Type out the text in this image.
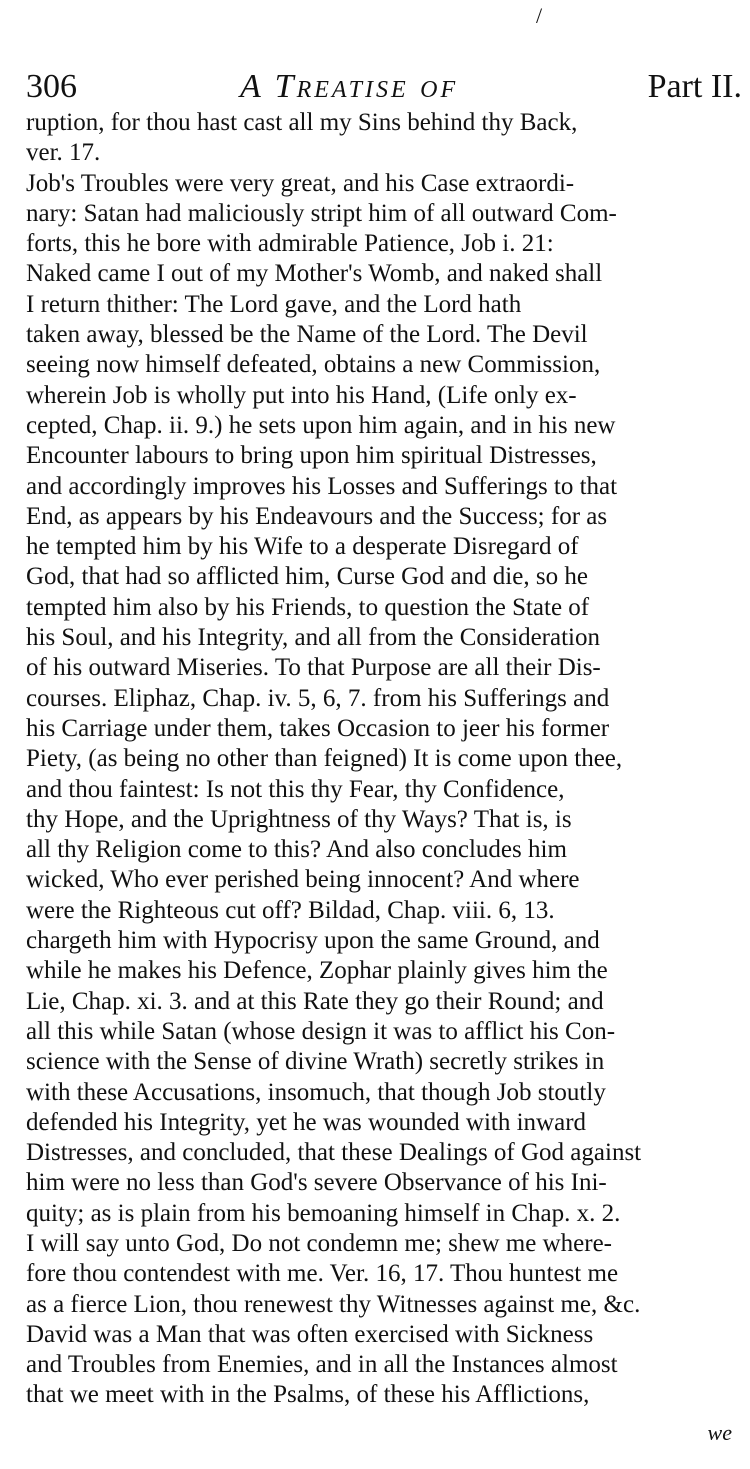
/
306	A Treatise of	Part II.
ruption, for thou hast cast all my Sins behind thy Back,
ver. 17.
Job's Troubles were very great, and his Case extraordi-
nary: Satan had maliciously stript him of all outward Com-
forts, this he bore with admirable Patience, Job i. 21:
Naked came I out of my Mother's Womb, and naked shall
I return thither: The Lord gave, and the Lord hath
taken away, blessed be the Name of the Lord. The Devil
seeing now himself defeated, obtains a new Commission,
wherein Job is wholly put into his Hand, (Life only ex-
cepted, Chap. ii. 9.) he sets upon him again, and in his new
Encounter labours to bring upon him spiritual Distresses,
and accordingly improves his Losses and Sufferings to that
End, as appears by his Endeavours and the Success; for as
he tempted him by his Wife to a desperate Disregard of
God, that had so afflicted him, Curse God and die, so he
tempted him also by his Friends, to question the State of
his Soul, and his Integrity, and all from the Consideration
of his outward Miseries. To that Purpose are all their Dis-
courses. Eliphaz, Chap. iv. 5, 6, 7. from his Sufferings and
his Carriage under them, takes Occasion to jeer his former
Piety, (as being no other than feigned) It is come upon thee,
and thou faintest: Is not this thy Fear, thy Confidence,
thy Hope, and the Uprightness of thy Ways? That is, is
all thy Religion come to this? And also concludes him
wicked, Who ever perished being innocent? And where
were the Righteous cut off? Bildad, Chap. viii. 6, 13.
chargeth him with Hypocrisy upon the same Ground, and
while he makes his Defence, Zophar plainly gives him the
Lie, Chap. xi. 3. and at this Rate they go their Round; and
all this while Satan (whose design it was to afflict his Con-
science with the Sense of divine Wrath) secretly strikes in
with these Accusations, insomuch, that though Job stoutly
defended his Integrity, yet he was wounded with inward
Distresses, and concluded, that these Dealings of God against
him were no less than God's severe Observance of his Ini-
quity; as is plain from his bemoaning himself in Chap. x. 2.
I will say unto God, Do not condemn me; shew me where-
fore thou contendest with me. Ver. 16, 17. Thou huntest me
as a fierce Lion, thou renewest thy Witnesses against me, &c.
David was a Man that was often exercised with Sickness
and Troubles from Enemies, and in all the Instances almost
that we meet with in the Psalms, of these his Afflictions,
we
